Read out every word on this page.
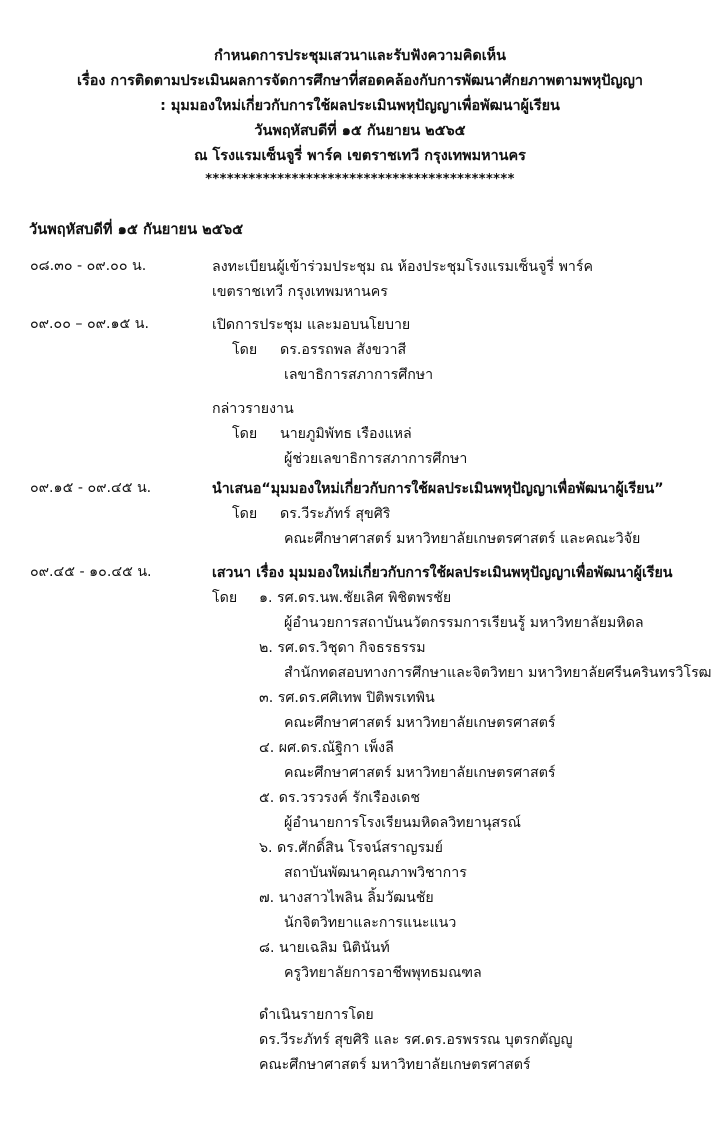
กำหนดการประชุมเสวนาและรับฟังความคิดเห็น
เรื่อง การติดตามประเมินผลการจัดการศึกษาที่สอดคล้องกับการพัฒนาศักยภาพตามพหุปัญญา
: มุมมองใหม่เกี่ยวกับการใช้ผลประเมินพหุปัญญาเพื่อพัฒนาผู้เรียน
วันพฤหัสบดีที่ ๑๕ กันยายน ๒๕๖๕
ณ โรงแรมเซ็นจูรี่ พาร์ค เขตราชเทวี กรุงเทพมหานคร
*******************************************
วันพฤหัสบดีที่ ๑๕ กันยายน ๒๕๖๕
๐๘.๓๐ - ๐๙.๐๐ น.	ลงทะเบียนผู้เข้าร่วมประชุม ณ ห้องประชุมโรงแรมเซ็นจูรี่ พาร์ค
เขตราชเทวี กรุงเทพมหานคร
๐๙.๐๐ – ๐๙.๑๕ น.	เปิดการประชุม และมอบนโยบาย
โดย ดร.อรรถพล สังขวาสี
เลขาธิการสภาการศึกษา
กล่าวรายงาน
โดย นายภูมิพัทธ เรืองแหล่
ผู้ช่วยเลขาธิการสภาการศึกษา
๐๙.๑๕ - ๐๙.๔๕ น.	นำเสนอ“มุมมองใหม่เกี่ยวกับการใช้ผลประเมินพหุปัญญาเพื่อพัฒนาผู้เรียน”
โดย ดร.วีระภัทร์ สุขศิริ
คณะศึกษาศาสตร์ มหาวิทยาลัยเกษตรศาสตร์ และคณะวิจัย
๐๙.๔๕ - ๑๐.๔๕ น.	เสวนา เรื่อง มุมมองใหม่เกี่ยวกับการใช้ผลประเมินพหุปัญญาเพื่อพัฒนาผู้เรียน
โดย	๑. รศ.ดร.นพ.ชัยเลิศ พิชิตพรชัย
ผู้อำนวยการสถาบันนวัตกรรมการเรียนรู้ มหาวิทยาลัยมหิดล
๒. รศ.ดร.วิชุดา กิจธรธรรม
สำนักทดสอบทางการศึกษาและจิตวิทยา มหาวิทยาลัยศรีนครินทรวิโรฒ
๓. รศ.ดร.ศศิเทพ ปิติพรเทพิน
คณะศึกษาศาสตร์ มหาวิทยาลัยเกษตรศาสตร์
๔. ผศ.ดร.ณัฐิกา เพ็งลี
คณะศึกษาศาสตร์ มหาวิทยาลัยเกษตรศาสตร์
๕. ดร.วรวรงค์ รักเรืองเดช
ผู้อำนายการโรงเรียนมหิดลวิทยานุสรณ์
๖. ดร.ศักดิ์สิน โรจน์สราญรมย์
สถาบันพัฒนาคุณภาพวิชาการ
๗. นางสาวไพลิน ลิ้มวัฒนชัย
นักจิตวิทยาและการแนะแนว
๘. นายเฉลิม นิตินันท์
ครูวิทยาลัยการอาชีพพุทธมณฑล
ดำเนินรายการโดย
ดร.วีระภัทร์ สุขศิริ และ รศ.ดร.อรพรรณ บุตรกตัญญู
คณะศึกษาศาสตร์ มหาวิทยาลัยเกษตรศาสตร์
